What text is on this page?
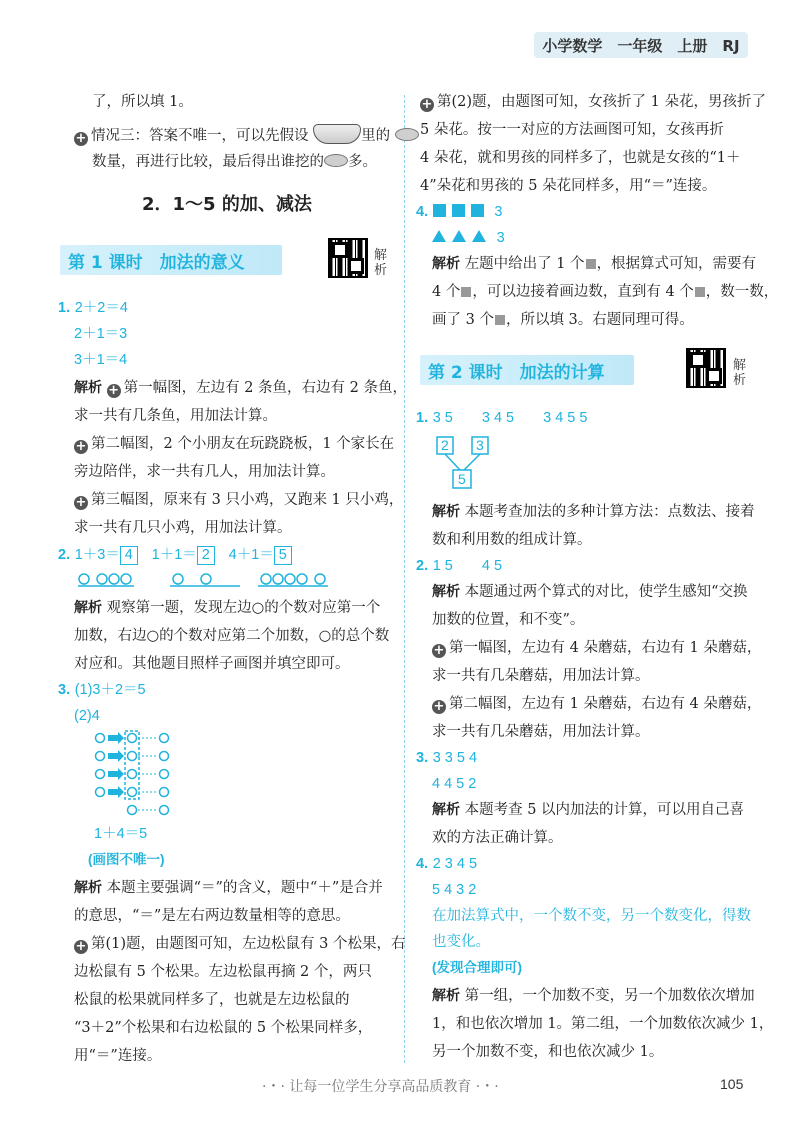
小学数学　一年级　上册　RJ
了，所以填 1。
+ 情况三：答案不唯一，可以先假设	里的
数量，再进行比较，最后得出谁挖的 多。
2．1～5 的加、减法
第 1 课时　加法的意义	解析
1. 2＋2＝4
2＋1＝3
3＋1＝4
解析 + 第一幅图，左边有 2 条鱼，右边有 2 条鱼，
求一共有几条鱼，用加法计算。
+ 第二幅图，2 个小朋友在玩跷跷板，1 个家长在
旁边陪伴，求一共有几人，用加法计算。
+ 第三幅图，原来有 3 只小鸡，又跑来 1 只小鸡，
求一共有几只小鸡，用加法计算。
2. 1＋3＝ 4 1＋1＝ 2 4＋1＝ 5
解析 观察第一题，发现左边○的个数对应第一个
加数，右边○的个数对应第二个加数，○的总个数
对应和。其他题目照样子画图并填空即可。
3. (1)3＋2＝5
(2)4
1＋4＝5
(画图不唯一)
解析 本题主要强调“＝”的含义，题中“＋”是合并
的意思，“＝”是左右两边数量相等的意思。
+ 第(1)题，由题图可知，左边松鼠有 3 个松果，右
边松鼠有 5 个松果。左边松鼠再摘 2 个，两只
松鼠的松果就同样多了，也就是左边松鼠的
“3＋2”个松果和右边松鼠的 5 个松果同样多，
用“＝”连接。
+ 第(2)题，由题图可知，女孩折了 1 朵花，男孩折了
5 朵花。按一一对应的方法画图可知，女孩再折
4 朵花，就和男孩的同样多了，也就是女孩的“1＋
4”朵花和男孩的 5 朵花同样多，用“＝”连接。
4.	3
3
解析 左题中给出了 1 个 ，根据算式可知，需要有
4 个 ，可以边接着画边数，直到有 4 个 ，数一数，
画了 3 个 ，所以填 3。右题同理可得。
第 2 课时　加法的计算	解析
1. 3 5　　3 4 5　　3 4 5 5
2 3
5
解析 本题考查加法的多种计算方法：点数法、接着
数和利用数的组成计算。
2. 1 5　　4 5
解析 本题通过两个算式的对比，使学生感知“交换
加数的位置，和不变”。
+ 第一幅图，左边有 4 朵蘑菇，右边有 1 朵蘑菇，
求一共有几朵蘑菇，用加法计算。
+ 第二幅图，左边有 1 朵蘑菇，右边有 4 朵蘑菇，
求一共有几朵蘑菇，用加法计算。
3. 3 3 5 4
4 4 5 2
解析 本题考查 5 以内加法的计算，可以用自己喜
欢的方法正确计算。
4. 2 3 4 5
5 4 3 2
在加法算式中，一个数不变，另一个数变化，得数
也变化。
(发现合理即可)
解析 第一组，一个加数不变，另一个加数依次增加
1，和也依次增加 1。第二组，一个加数依次减少 1，
另一个加数不变，和也依次减少 1。
·・· 让每一位学生分享高品质教育 ·・·	105
